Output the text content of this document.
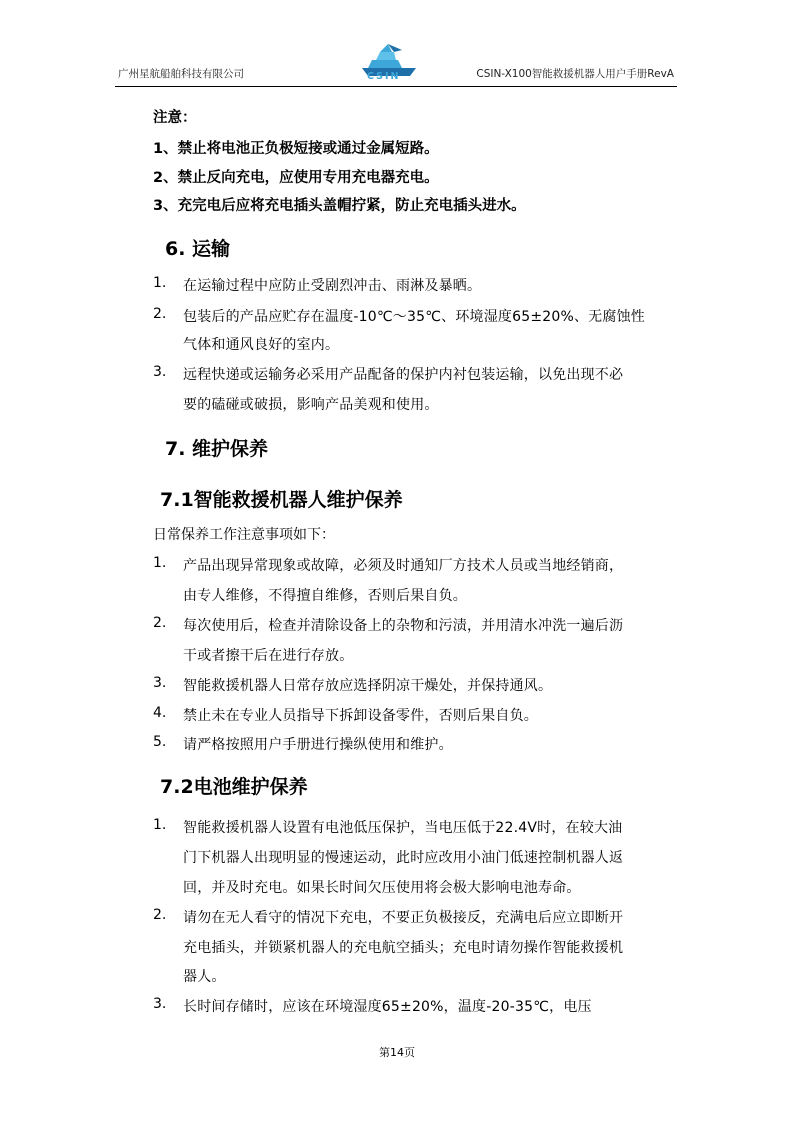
广州星航船舶科技有限公司	CSIN	CSIN-X100智能救援机器人用户手册RevA
注意：
1、禁止将电池正负极短接或通过金属短路。
2、禁止反向充电，应使用专用充电器充电。
3、充完电后应将充电插头盖帽拧紧，防止充电插头进水。
6. 运输
1.	在运输过程中应防止受剧烈冲击、雨淋及暴晒。
2.	包装后的产品应贮存在温度-10℃～35℃、环境湿度65±20%、无腐蚀性
气体和通风良好的室内。
3.	远程快递或运输务必采用产品配备的保护内衬包装运输，以免出现不必
要的磕碰或破损，影响产品美观和使用。
7. 维护保养
7.1智能救援机器人维护保养
日常保养工作注意事项如下：
1.	产品出现异常现象或故障，必须及时通知厂方技术人员或当地经销商，
由专人维修，不得擅自维修，否则后果自负。
2.	每次使用后，检查并清除设备上的杂物和污渍，并用清水冲洗一遍后沥
干或者擦干后在进行存放。
3.	智能救援机器人日常存放应选择阴凉干燥处，并保持通风。
4.	禁止未在专业人员指导下拆卸设备零件，否则后果自负。
5.	请严格按照用户手册进行操纵使用和维护。
7.2电池维护保养
1.	智能救援机器人设置有电池低压保护，当电压低于22.4V时，在较大油
门下机器人出现明显的慢速运动，此时应改用小油门低速控制机器人返
回，并及时充电。如果长时间欠压使用将会极大影响电池寿命。
2.	请勿在无人看守的情况下充电，不要正负极接反，充满电后应立即断开
充电插头，并锁紧机器人的充电航空插头；充电时请勿操作智能救援机
器人。
3.	长时间存储时，应该在环境湿度65±20%，温度-20-35℃，电压
第14页
